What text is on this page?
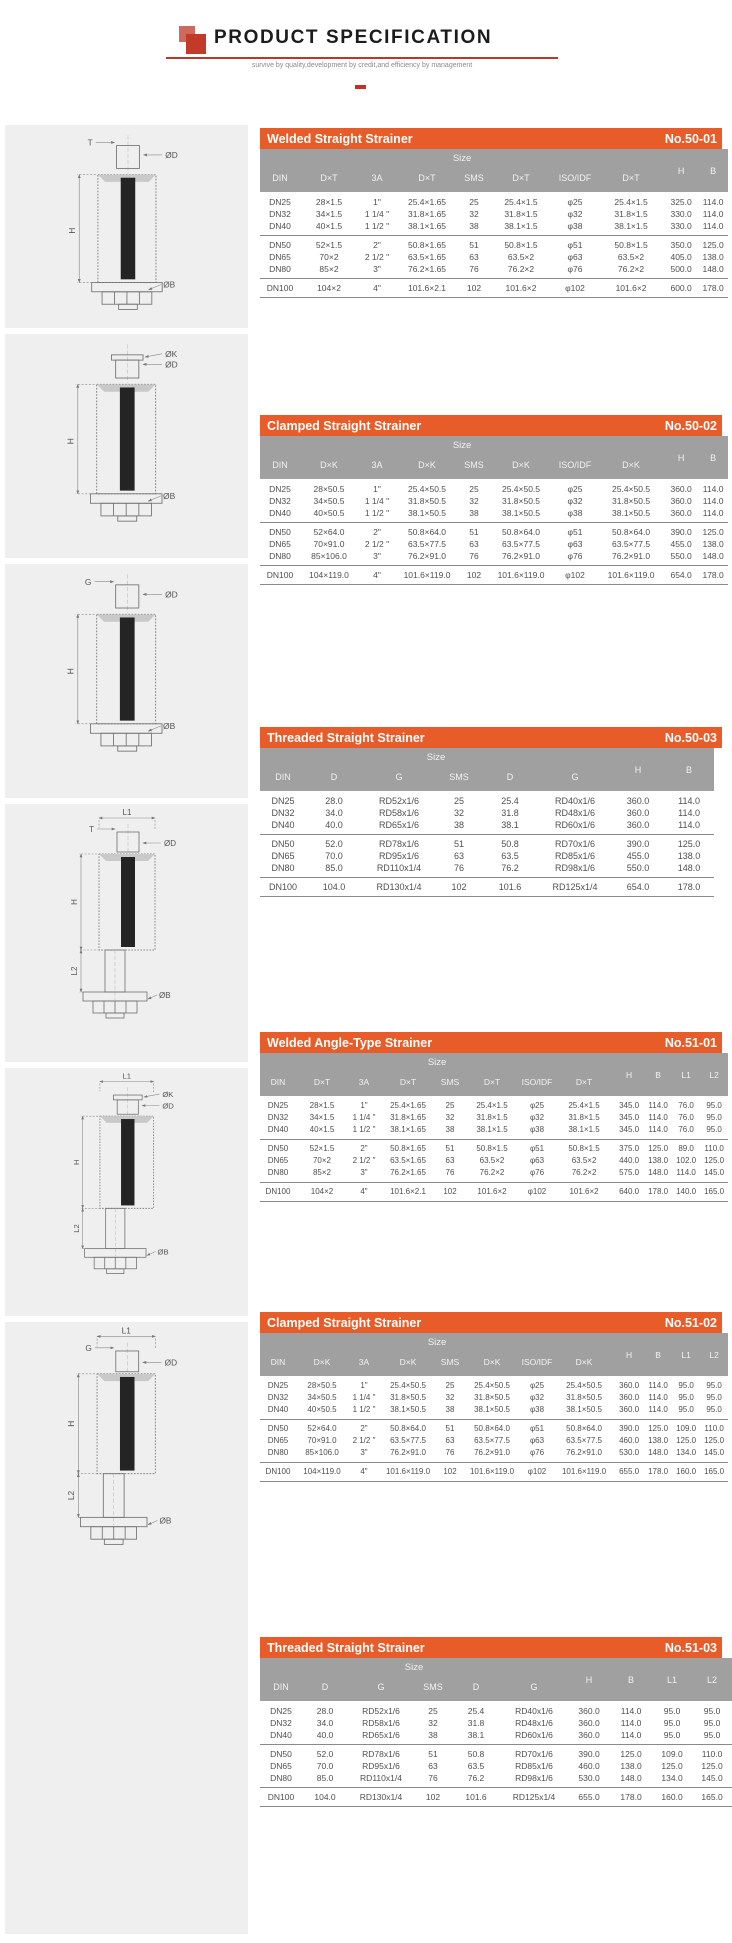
PRODUCT SPECIFICATION
survive by quality,development by credit,and efficiency by management
T
ØD
H
ØB
Welded Straight Strainer	No.50-01
Size								H	B
DIN	D×T	3A	D×T	SMS	D×T	ISO/IDF	D×T		
DN25	28×1.5	1"	25.4×1.65	25	25.4×1.5	φ25	25.4×1.5	325.0	114.0
DN32	34×1.5	1 1/4 "	31.8×1.65	32	31.8×1.5	φ32	31.8×1.5	330.0	114.0
DN40	40×1.5	1 1/2 "	38.1×1.65	38	38.1×1.5	φ38	38.1×1.5	330.0	114.0
DN50	52×1.5	2"	50.8×1.65	51	50.8×1.5	φ51	50.8×1.5	350.0	125.0
DN65	70×2	2 1/2 "	63.5×1.65	63	63.5×2	φ63	63.5×2	405.0	138.0
DN80	85×2	3"	76.2×1.65	76	76.2×2	φ76	76.2×2	500.0	148.0
DN100	104×2	4"	101.6×2.1	102	101.6×2	φ102	101.6×2	600.0	178.0
ØK
ØD
H
ØB
Clamped Straight Strainer	No.50-02
Size								H	B
DIN	D×K	3A	D×K	SMS	D×K	ISO/IDF	D×K		
DN25	28×50.5	1"	25.4×50.5	25	25.4×50.5	φ25	25.4×50.5	360.0	114.0
DN32	34×50.5	1 1/4 "	31.8×50.5	32	31.8×50.5	φ32	31.8×50.5	360.0	114.0
DN40	40×50.5	1 1/2 "	38.1×50.5	38	38.1×50.5	φ38	38.1×50.5	360.0	114.0
DN50	52×64.0	2"	50.8×64.0	51	50.8×64.0	φ51	50.8×64.0	390.0	125.0
DN65	70×91.0	2 1/2 "	63.5×77.5	63	63.5×77.5	φ63	63.5×77.5	455.0	138.0
DN80	85×106.0	3"	76.2×91.0	76	76.2×91.0	φ76	76.2×91.0	550.0	148.0
DN100	104×119.0	4"	101.6×119.0	102	101.6×119.0	φ102	101.6×119.0	654.0	178.0
G
ØD
H
ØB
Threaded Straight Strainer	No.50-03
Size						H	B
DIN	D	G	SMS	D	G		
DN25	28.0	RD52x1/6	25	25.4	RD40x1/6	360.0	114.0
DN32	34.0	RD58x1/6	32	31.8	RD48x1/6	360.0	114.0
DN40	40.0	RD65x1/6	38	38.1	RD60x1/6	360.0	114.0
DN50	52.0	RD78x1/6	51	50.8	RD70x1/6	390.0	125.0
DN65	70.0	RD95x1/6	63	63.5	RD85x1/6	455.0	138.0
DN80	85.0	RD110x1/4	76	76.2	RD98x1/6	550.0	148.0
DN100	104.0	RD130x1/4	102	101.6	RD125x1/4	654.0	178.0
L1
T
ØD
H
L2
ØB
Welded Angle-Type Strainer	No.51-01
Size								H	B	L1	L2
DIN	D×T	3A	D×T	SMS	D×T	ISO/IDF	D×T				
DN25	28×1.5	1"	25.4×1.65	25	25.4×1.5	φ25	25.4×1.5	345.0	114.0	76.0	95.0
DN32	34×1.5	1 1/4 "	31.8×1.65	32	31.8×1.5	φ32	31.8×1.5	345.0	114.0	76.0	95.0
DN40	40×1.5	1 1/2 "	38.1×1.65	38	38.1×1.5	φ38	38.1×1.5	345.0	114.0	76.0	95.0
DN50	52×1.5	2"	50.8×1.65	51	50.8×1.5	φ51	50.8×1.5	375.0	125.0	89.0	110.0
DN65	70×2	2 1/2 "	63.5×1.65	63	63.5×2	φ63	63.5×2	440.0	138.0	102.0	125.0
DN80	85×2	3"	76.2×1.65	76	76.2×2	φ76	76.2×2	575.0	148.0	114.0	145.0
DN100	104×2	4"	101.6×2.1	102	101.6×2	φ102	101.6×2	640.0	178.0	140.0	165.0
L1
ØK
ØD
H
L2
ØB
Clamped Straight Strainer	No.51-02
Size								H	B	L1	L2
DIN	D×K	3A	D×K	SMS	D×K	ISO/IDF	D×K				
DN25	28×50.5	1"	25.4×50.5	25	25.4×50.5	φ25	25.4×50.5	360.0	114.0	95.0	95.0
DN32	34×50.5	1 1/4 "	31.8×50.5	32	31.8×50.5	φ32	31.8×50.5	360.0	114.0	95.0	95.0
DN40	40×50.5	1 1/2 "	38.1×50.5	38	38.1×50.5	φ38	38.1×50.5	360.0	114.0	95.0	95.0
DN50	52×64.0	2"	50.8×64.0	51	50.8×64.0	φ51	50.8×64.0	390.0	125.0	109.0	110.0
DN65	70×91.0	2 1/2 "	63.5×77.5	63	63.5×77.5	φ63	63.5×77.5	460.0	138.0	125.0	125.0
DN80	85×106.0	3"	76.2×91.0	76	76.2×91.0	φ76	76.2×91.0	530.0	148.0	134.0	145.0
DN100	104×119.0	4"	101.6×119.0	102	101.6×119.0	φ102	101.6×119.0	655.0	178.0	160.0	165.0
L1
G
ØD
H
L2
ØB
Threaded Straight Strainer	No.51-03
Size						H	B	L1	L2
DIN	D	G	SMS	D	G				
DN25	28.0	RD52x1/6	25	25.4	RD40x1/6	360.0	114.0	95.0	95.0
DN32	34.0	RD58x1/6	32	31.8	RD48x1/6	360.0	114.0	95.0	95.0
DN40	40.0	RD65x1/6	38	38.1	RD60x1/6	360.0	114.0	95.0	95.0
DN50	52.0	RD78x1/6	51	50.8	RD70x1/6	390.0	125.0	109.0	110.0
DN65	70.0	RD95x1/6	63	63.5	RD85x1/6	460.0	138.0	125.0	125.0
DN80	85.0	RD110x1/4	76	76.2	RD98x1/6	530.0	148.0	134.0	145.0
DN100	104.0	RD130x1/4	102	101.6	RD125x1/4	655.0	178.0	160.0	165.0
